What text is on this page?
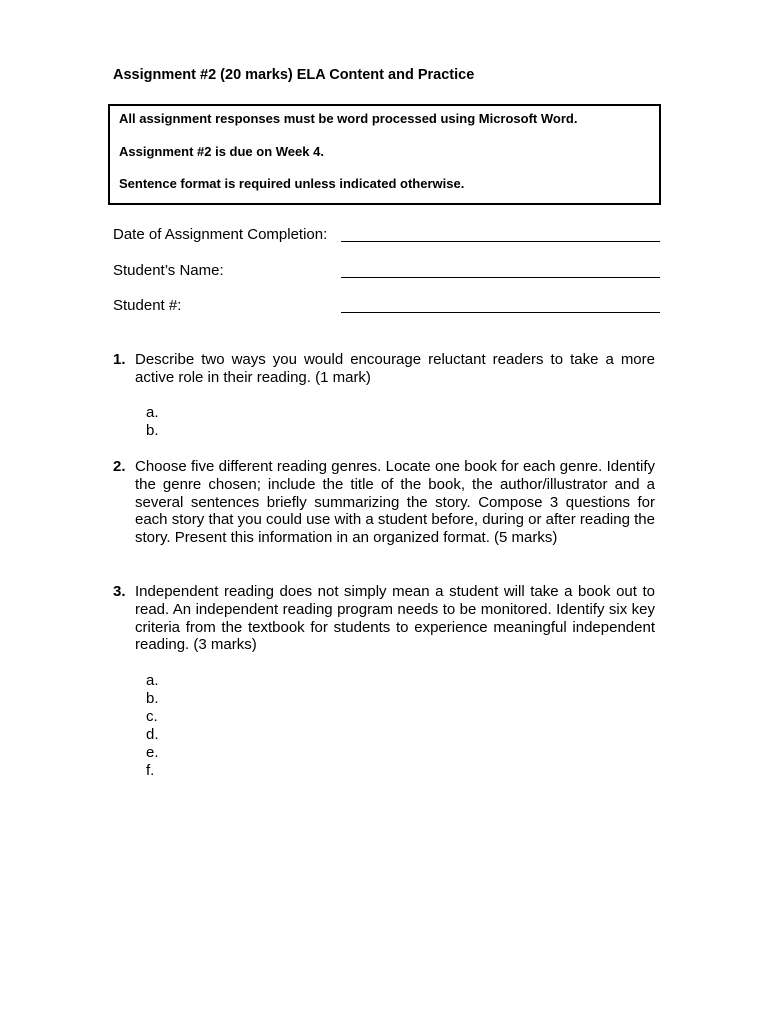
Assignment #2 (20 marks) ELA Content and Practice
All assignment responses must be word processed using Microsoft Word.
Assignment #2 is due on Week 4.
Sentence format is required unless indicated otherwise.
Date of Assignment Completion:
Student’s Name:
Student #:
1. Describe two ways you would encourage reluctant readers to take a more active role in their reading. (1 mark)
a.
b.
2. Choose five different reading genres. Locate one book for each genre. Identify the genre chosen; include the title of the book, the author/illustrator and a several sentences briefly summarizing the story. Compose 3 questions for each story that you could use with a student before, during or after reading the story. Present this information in an organized format. (5 marks)
3. Independent reading does not simply mean a student will take a book out to read. An independent reading program needs to be monitored. Identify six key criteria from the textbook for students to experience meaningful independent reading. (3 marks)
a.
b.
c.
d.
e.
f.
